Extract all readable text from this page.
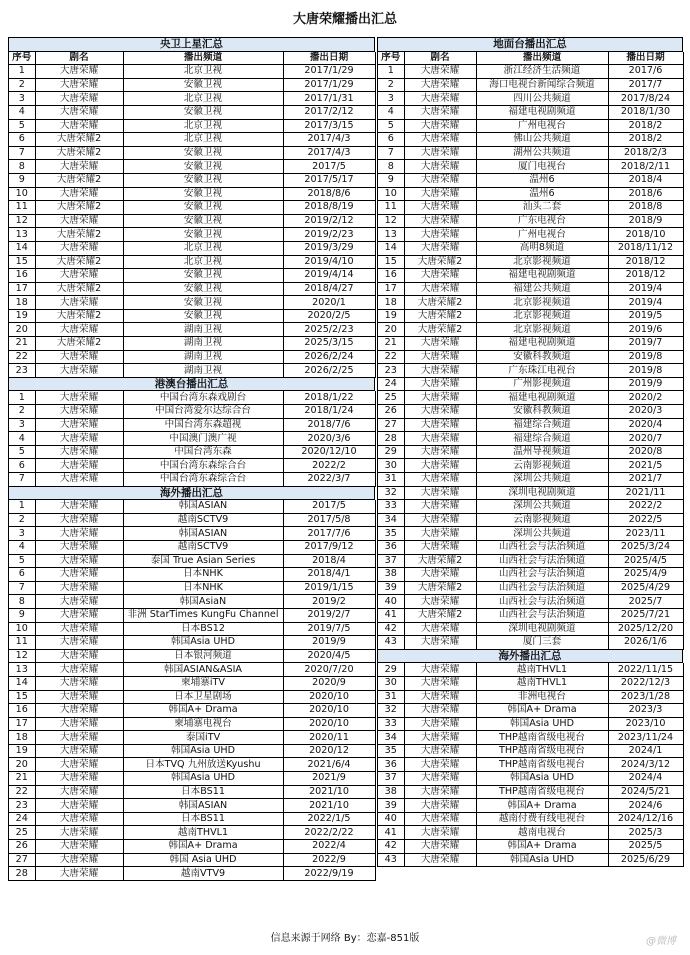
大唐荣耀播出汇总
央卫上星汇总
序号	剧名	播出频道	播出日期
1	大唐荣耀	北京卫视	2017/1/29
2	大唐荣耀	安徽卫视	2017/1/29
3	大唐荣耀	北京卫视	2017/1/31
4	大唐荣耀	安徽卫视	2017/2/12
5	大唐荣耀	北京卫视	2017/3/15
6	大唐荣耀2	北京卫视	2017/4/3
7	大唐荣耀2	安徽卫视	2017/4/3
8	大唐荣耀	安徽卫视	2017/5
9	大唐荣耀2	安徽卫视	2017/5/17
10	大唐荣耀	安徽卫视	2018/8/6
11	大唐荣耀2	安徽卫视	2018/8/19
12	大唐荣耀	安徽卫视	2019/2/12
13	大唐荣耀2	安徽卫视	2019/2/23
14	大唐荣耀	北京卫视	2019/3/29
15	大唐荣耀2	北京卫视	2019/4/10
16	大唐荣耀	安徽卫视	2019/4/14
17	大唐荣耀2	安徽卫视	2018/4/27
18	大唐荣耀	安徽卫视	2020/1
19	大唐荣耀2	安徽卫视	2020/2/5
20	大唐荣耀	湖南卫视	2025/2/23
21	大唐荣耀2	湖南卫视	2025/3/15
22	大唐荣耀	湖南卫视	2026/2/24
23	大唐荣耀	湖南卫视	2026/2/25
港澳台播出汇总
1	大唐荣耀	中国台湾东森戏剧台	2018/1/22
2	大唐荣耀	中国台湾爱尔达综合台	2018/1/24
3	大唐荣耀	中国台湾东森超视	2018/7/6
4	大唐荣耀	中国澳门澳广视	2020/3/6
5	大唐荣耀	中国台湾东森	2020/12/10
6	大唐荣耀	中国台湾东森综合台	2022/2
7	大唐荣耀	中国台湾东森综合台	2022/3/7
海外播出汇总
1	大唐荣耀	韩国ASIAN	2017/5
2	大唐荣耀	越南SCTV9	2017/5/8
3	大唐荣耀	韩国ASIAN	2017/7/6
4	大唐荣耀	越南SCTV9	2017/9/12
5	大唐荣耀	泰国 True Asian Series	2018/4
6	大唐荣耀	日本NHK	2018/4/1
7	大唐荣耀	日本NHK	2019/1/15
8	大唐荣耀	韩国AsiaN	2019/2
9	大唐荣耀	非洲 StarTimes KungFu Channel	2019/2/7
10	大唐荣耀	日本BS12	2019/7/5
11	大唐荣耀	韩国Asia UHD	2019/9
12	大唐荣耀	日本银河频道	2020/4/5
13	大唐荣耀	韩国ASIAN&ASIA	2020/7/20
14	大唐荣耀	柬埔寨iTV	2020/9
15	大唐荣耀	日本卫星剧场	2020/10
16	大唐荣耀	韩国A+ Drama	2020/10
17	大唐荣耀	柬埔寨电视台	2020/10
18	大唐荣耀	泰国iTV	2020/11
19	大唐荣耀	韩国Asia UHD	2020/12
20	大唐荣耀	日本TVQ 九州放送Kyushu	2021/6/4
21	大唐荣耀	韩国Asia UHD	2021/9
22	大唐荣耀	日本BS11	2021/10
23	大唐荣耀	韩国ASIAN	2021/10
24	大唐荣耀	日本BS11	2022/1/5
25	大唐荣耀	越南THVL1	2022/2/22
26	大唐荣耀	韩国A+ Drama	2022/4
27	大唐荣耀	韩国 Asia UHD	2022/9
28	大唐荣耀	越南VTV9	2022/9/19
地面台播出汇总
序号	剧名	播出频道	播出日期
1	大唐荣耀	浙江经济生活频道	2017/6
2	大唐荣耀	海口电视台新闻综合频道	2017/7
3	大唐荣耀	四川公共频道	2017/8/24
4	大唐荣耀	福建电视剧频道	2018/1/30
5	大唐荣耀	广州电视台	2018/2
6	大唐荣耀	佛山公共频道	2018/2
7	大唐荣耀	湖州公共频道	2018/2/3
8	大唐荣耀	厦门电视台	2018/2/11
9	大唐荣耀	温州6	2018/4
10	大唐荣耀	温州6	2018/6
11	大唐荣耀	汕头二套	2018/8
12	大唐荣耀	广东电视台	2018/9
13	大唐荣耀	广州电视台	2018/10
14	大唐荣耀	高明8频道	2018/11/12
15	大唐荣耀2	北京影视频道	2018/12
16	大唐荣耀	福建电视剧频道	2018/12
17	大唐荣耀	福建公共频道	2019/4
18	大唐荣耀2	北京影视频道	2019/4
19	大唐荣耀2	北京影视频道	2019/5
20	大唐荣耀2	北京影视频道	2019/6
21	大唐荣耀	福建电视剧频道	2019/7
22	大唐荣耀	安徽科教频道	2019/8
23	大唐荣耀	广东珠江电视台	2019/8
24	大唐荣耀	广州影视频道	2019/9
25	大唐荣耀	福建电视剧频道	2020/2
26	大唐荣耀	安徽科教频道	2020/3
27	大唐荣耀	福建综合频道	2020/4
28	大唐荣耀	福建综合频道	2020/7
29	大唐荣耀	温州导视频道	2020/8
30	大唐荣耀	云南影视频道	2021/5
31	大唐荣耀	深圳公共频道	2021/7
32	大唐荣耀	深圳电视剧频道	2021/11
33	大唐荣耀	深圳公共频道	2022/2
34	大唐荣耀	云南影视频道	2022/5
35	大唐荣耀	深圳公共频道	2023/11
36	大唐荣耀	山西社会与法治频道	2025/3/24
37	大唐荣耀2	山西社会与法治频道	2025/4/5
38	大唐荣耀	山西社会与法治频道	2025/4/9
39	大唐荣耀2	山西社会与法治频道	2025/4/29
40	大唐荣耀	山西社会与法治频道	2025/7
41	大唐荣耀2	山西社会与法治频道	2025/7/21
42	大唐荣耀	深圳电视剧频道	2025/12/20
43	大唐荣耀	厦门三套	2026/1/6
海外播出汇总
29	大唐荣耀	越南THVL1	2022/11/15
30	大唐荣耀	越南THVL1	2022/12/3
31	大唐荣耀	非洲电视台	2023/1/28
32	大唐荣耀	韩国A+ Drama	2023/3
33	大唐荣耀	韩国Asia UHD	2023/10
34	大唐荣耀	THP越南省级电视台	2023/11/24
35	大唐荣耀	THP越南省级电视台	2024/1
36	大唐荣耀	THP越南省级电视台	2024/3/12
37	大唐荣耀	韩国Asia UHD	2024/4
38	大唐荣耀	THP越南省级电视台	2024/5/21
39	大唐荣耀	韩国A+ Drama	2024/6
40	大唐荣耀	越南付费有线电视台	2024/12/16
41	大唐荣耀	越南电视台	2025/3
42	大唐荣耀	韩国A+ Drama	2025/5
43	大唐荣耀	韩国Asia UHD	2025/6/29
信息来源于网络 By：恋嘉-851版	@微博
